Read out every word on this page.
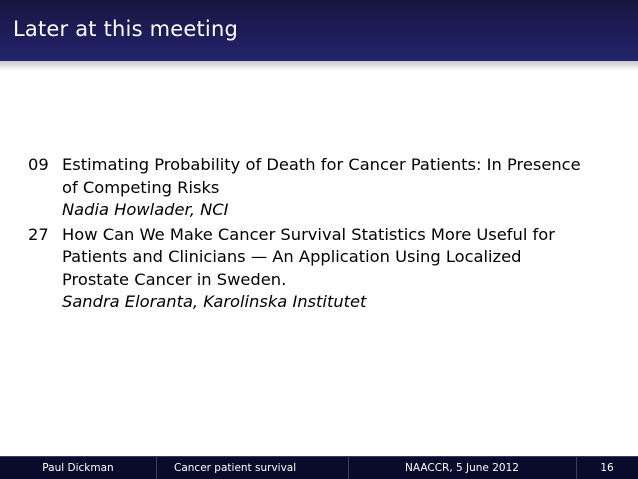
Later at this meeting
09 Estimating Probability of Death for Cancer Patients: In Presence
of Competing Risks
Nadia Howlader, NCI
27 How Can We Make Cancer Survival Statistics More Useful for
Patients and Clinicians — An Application Using Localized
Prostate Cancer in Sweden.
Sandra Eloranta, Karolinska Institutet
Paul Dickman	Cancer patient survival	NAACCR, 5 June 2012	16
